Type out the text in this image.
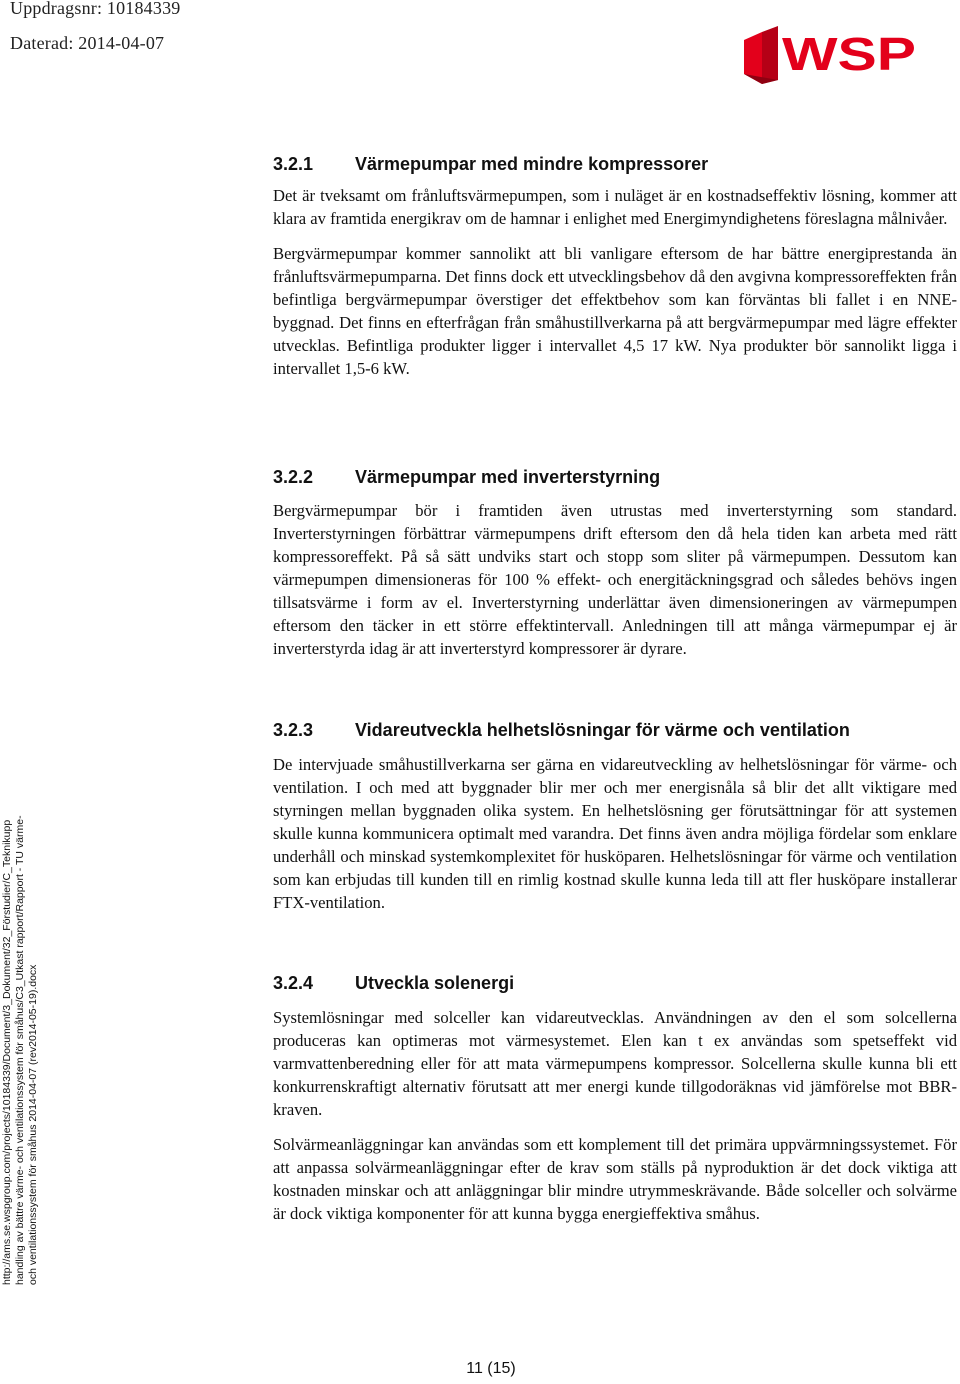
Uppdragsnr: 10184339
Daterad: 2014-04-07	WSP
3.2.1	Värmepumpar med mindre kompressorer

Det är tveksamt om frånluftsvärmepumpen, som i nuläget är en kostnadseffektiv lösning, kommer att klara av framtida energikrav om de hamnar i enlighet med Energimyndighetens föreslagna målnivåer.

Bergvärmepumpar kommer sannolikt att bli vanligare eftersom de har bättre energiprestanda än frånluftsvärmepumparna. Det finns dock ett utvecklingsbehov då den avgivna kompressoreffekten från befintliga bergvärmepumpar överstiger det effektbehov som kan förväntas bli fallet i en NNE-byggnad. Det finns en efterfrågan från småhustillverkarna på att bergvärmepumpar med lägre effekter utvecklas. Befintliga produkter ligger i intervallet 4,5 17 kW. Nya produkter bör sannolikt ligga i intervallet 1,5-6 kW.

3.2.2	Värmepumpar med inverterstyrning

Bergvärmepumpar bör i framtiden även utrustas med inverterstyrning som standard. Inverterstyrningen förbättrar värmepumpens drift eftersom den då hela tiden kan arbeta med rätt kompressoreffekt. På så sätt undviks start och stopp som sliter på värmepumpen. Dessutom kan värmepumpen dimensioneras för 100 % effekt- och energitäckningsgrad och således behövs ingen tillsatsvärme i form av el. Inverterstyrning underlättar även dimensioneringen av värmepumpen eftersom den täcker in ett större effektintervall. Anledningen till att många värmepumpar ej är inverterstyrda idag är att inverterstyrd kompressorer är dyrare.

3.2.3	Vidareutveckla helhetslösningar för värme och ventilation

De intervjuade småhustillverkarna ser gärna en vidareutveckling av helhetslösningar för värme- och ventilation. I och med att byggnader blir mer och mer energisnåla så blir det allt viktigare med styrningen mellan byggnaden olika system. En helhetslösning ger förutsättningar för att systemen skulle kunna kommunicera optimalt med varandra. Det finns även andra möjliga fördelar som enklare underhåll och minskad systemkomplexitet för husköparen. Helhetslösningar för värme och ventilation som kan erbjudas till kunden till en rimlig kostnad skulle kunna leda till att fler husköpare installerar FTX-ventilation.

3.2.4	Utveckla solenergi

Systemlösningar med solceller kan vidareutvecklas. Användningen av den el som solcellerna produceras kan optimeras mot värmesystemet. Elen kan t ex användas som spetseffekt vid varmvattenberedning eller för att mata värmepumpens kompressor. Solcellerna skulle kunna bli ett konkurrenskraftigt alternativ förutsatt att mer energi kunde tillgodoräknas vid jämförelse mot BBR-kraven.

Solvärmeanläggningar kan användas som ett komplement till det primära uppvärmningssystemet. För att anpassa solvärmeanläggningar efter de krav som ställs på nyproduktion är det dock viktiga att kostnaden minskar och att anläggningar blir mindre utrymmeskrävande. Både solceller och solvärme är dock viktiga komponenter för att kunna bygga energieffektiva småhus.

http://ams.se.wspgroup.com/projects/10184339/Document/3_Dokument/32_Förstudier/C_Teknikupphandling av bättre värme- och ventilationssystem för småhus/C3_Utkast rapport/Rapport - TU värme- och ventilationssystem för småhus 2014-04-07 (rev2014-05-19).docx
11 (15)
